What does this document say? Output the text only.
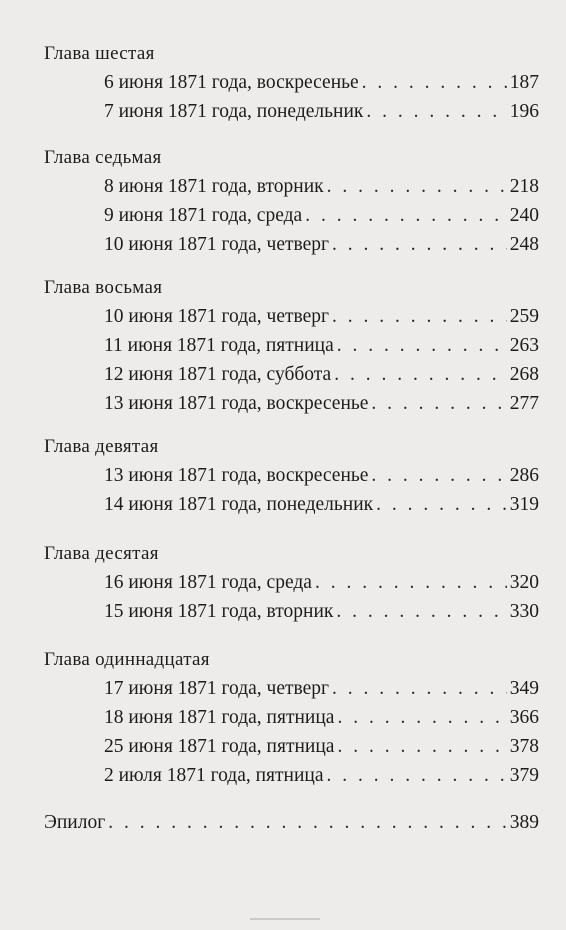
Глава шестая
6 июня 1871 года, воскресенье . . .	187
7 июня 1871 года, понедельник . . .	196
Глава седьмая
8 июня 1871 года, вторник . . .	218
9 июня 1871 года, среда . . .	240
10 июня 1871 года, четверг . . .	248
Глава восьмая
10 июня 1871 года, четверг . . .	259
11 июня 1871 года, пятница . . .	263
12 июня 1871 года, суббота . . .	268
13 июня 1871 года, воскресенье . . .	277
Глава девятая
13 июня 1871 года, воскресенье . . .	286
14 июня 1871 года, понедельник . . .	319
Глава десятая
16 июня 1871 года, среда . . .	320
15 июня 1871 года, вторник . . .	330
Глава одиннадцатая
17 июня 1871 года, четверг . . .	349
18 июня 1871 года, пятница . . .	366
25 июня 1871 года, пятница . . .	378
2 июля 1871 года, пятница . . .	379
Эпилог . . .	389
